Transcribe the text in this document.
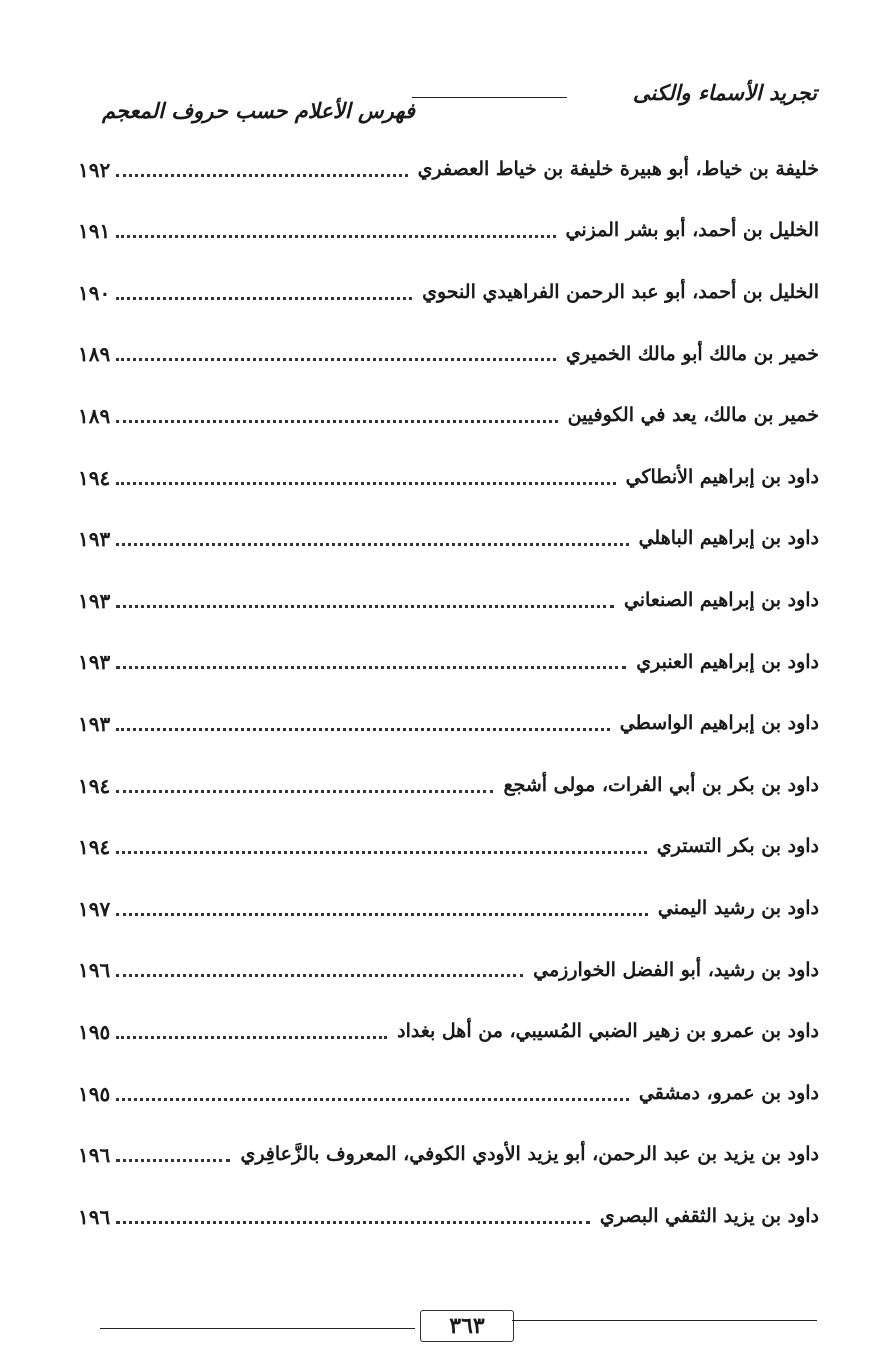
تجريد الأسماء والكنى
فهرس الأعلام حسب حروف المعجم
خليفة بن خياط، أبو هبيرة خليفة بن خياط العصفري
١٩٢
الخليل بن أحمد، أبو بشر المزني
١٩١
الخليل بن أحمد، أبو عبد الرحمن الفراهيدي النحوي
١٩٠
خمير بن مالك أبو مالك الخميري
١٨٩
خمير بن مالك، يعد في الكوفيين
١٨٩
داود بن إبراهيم الأنطاكي
١٩٤
داود بن إبراهيم الباهلي
١٩٣
داود بن إبراهيم الصنعاني
١٩٣
داود بن إبراهيم العنبري
١٩٣
داود بن إبراهيم الواسطي
١٩٣
داود بن بكر بن أبي الفرات، مولى أشجع
١٩٤
داود بن بكر التستري
١٩٤
داود بن رشيد اليمني
١٩٧
داود بن رشيد، أبو الفضل الخوارزمي
١٩٦
داود بن عمرو بن زهير الضبي المُسيبي، من أهل بغداد
١٩٥
داود بن عمرو، دمشقي
١٩٥
داود بن يزيد بن عبد الرحمن، أبو يزيد الأودي الكوفي، المعروف بالزَّعافِري
١٩٦
داود بن يزيد الثقفي البصري
١٩٦
٣٦٣
